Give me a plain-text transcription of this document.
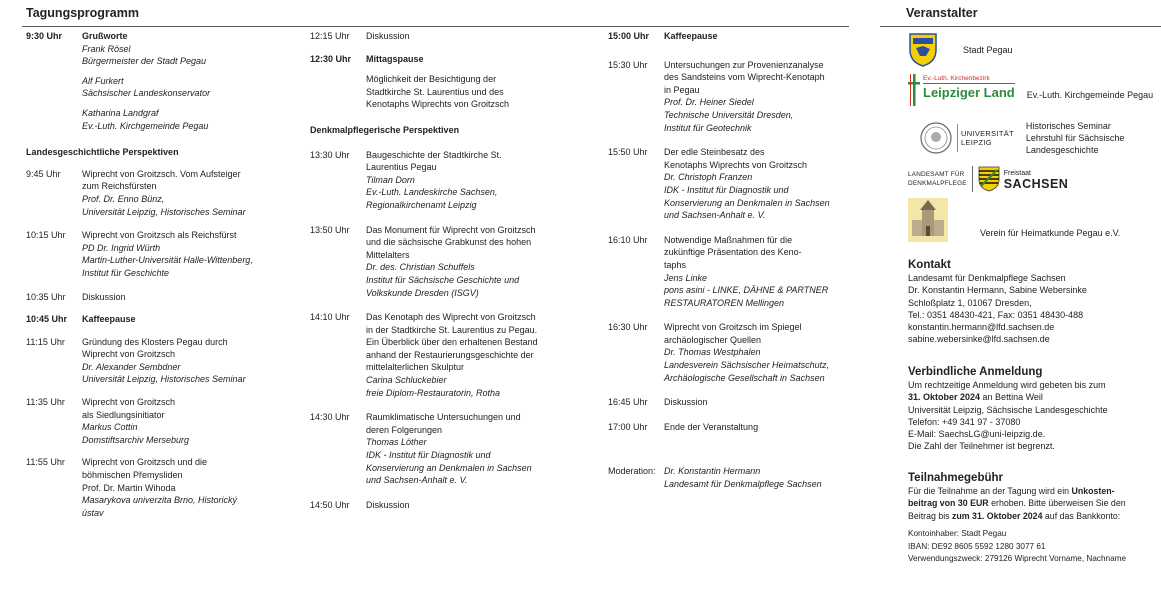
Tagungsprogramm	Veranstalter
9:30 Uhr	Grußworte
Frank Rösel
Bürgermeister der Stadt Pegau
Alf Furkert
Sächsischer Landeskonservator
Katharina Landgraf
Ev.-Luth. Kirchgemeinde Pegau
Landesgeschichtliche Perspektiven
9:45 Uhr	Wiprecht von Groitzsch. Vom Aufsteiger
zum Reichsfürsten
Prof. Dr. Enno Bünz,
Universität Leipzig, Historisches Seminar
10:15 Uhr	Wiprecht von Groitzsch als Reichsfürst
PD Dr. Ingrid Würth
Martin-Luther-Universität Halle-Wittenberg,
Institut für Geschichte
10:35 Uhr	Diskussion
10:45 Uhr	Kaffeepause
11:15 Uhr	Gründung des Klosters Pegau durch
Wiprecht von Groitzsch
Dr. Alexander Sembdner
Universität Leipzig, Historisches Seminar
11:35 Uhr	Wiprecht von Groitzsch
als Siedlungsinitiator
Markus Cottin
Domstiftsarchiv Merseburg
11:55 Uhr	Wiprecht von Groitzsch und die
böhmischen Přemysliden
Prof. Dr. Martin Wihoda
Masarykova univerzita Brno, Historický
ústav
12:15 Uhr	Diskussion
12:30 Uhr	Mittagspause
Möglichkeit der Besichtigung der
Stadtkirche St. Laurentius und des
Kenotaphs Wiprechts von Groitzsch
Denkmalpflegerische Perspektiven
13:30 Uhr	Baugeschichte der Stadtkirche St.
Laurentius Pegau
Tilman Dorn
Ev.-Luth. Landeskirche Sachsen,
Regionalkirchenamt Leipzig
13:50 Uhr	Das Monument für Wiprecht von Groitzsch
und die sächsische Grabkunst des hohen
Mittelalters
Dr. des. Christian Schuffels
Institut für Sächsische Geschichte und
Volkskunde Dresden (ISGV)
14:10 Uhr	Das Kenotaph des Wiprecht von Groitzsch
in der Stadtkirche St. Laurentius zu Pegau.
Ein Überblick über den erhaltenen Bestand
anhand der Restaurierungsgeschichte der
mittelalterlichen Skulptur
Carina Schluckebier
freie Diplom-Restauratorin, Rotha
14:30 Uhr	Raumklimatische Untersuchungen und
deren Folgerungen
Thomas Löther
IDK - Institut für Diagnostik und
Konservierung an Denkmalen in Sachsen
und Sachsen-Anhalt e. V.
14:50 Uhr	Diskussion
15:00 Uhr	Kaffeepause
15:30 Uhr	Untersuchungen zur Provenienzanalyse
des Sandsteins vom Wiprecht-Kenotaph
in Pegau
Prof. Dr. Heiner Siedel
Technische Universität Dresden,
Institut für Geotechnik
15:50 Uhr	Der edle Steinbesatz des
Kenotaphs Wiprechts von Groitzsch
Dr. Christoph Franzen
IDK - Institut für Diagnostik und
Konservierung an Denkmalen in Sachsen
und Sachsen-Anhalt e. V.
16:10 Uhr	Notwendige Maßnahmen für die
zukünftige Präsentation des Keno-
taphs
Jens Linke
pons asini - LINKE, DÄHNE & PARTNER
RESTAURATOREN Mellingen
16:30 Uhr	Wiprecht von Groitzsch im Spiegel
archäologischer Quellen
Dr. Thomas Westphalen
Landesverein Sächsischer Heimatschutz,
Archäologische Gesellschaft in Sachsen
16:45 Uhr	Diskussion
17:00 Uhr	Ende der Veranstaltung
Moderation: Dr. Konstantin Hermann
Landesamt für Denkmalpflege Sachsen
Stadt Pegau
Ev.-Luth. Kirchenbezirk
Leipziger Land Ev.-Luth. Kirchgemeinde Pegau
UNIVERSITÄT
LEIPZIG
Historisches Seminar
Lehrstuhl für Sächsische
Landesgeschichte
LANDESAMT FÜR
DENKMALPFLEGE
Freistaat
SACHSEN
Verein für Heimatkunde Pegau e.V.
Kontakt
Landesamt für Denkmalpflege Sachsen
Dr. Konstantin Hermann, Sabine Webersinke
Schloßplatz 1, 01067 Dresden,
Tel.: 0351 48430-421, Fax: 0351 48430-488
konstantin.hermann@lfd.sachsen.de
sabine.webersinke@lfd.sachsen.de
Verbindliche Anmeldung
Um rechtzeitige Anmeldung wird gebeten bis zum
31. Oktober 2024 an Bettina Weil
Universität Leipzig, Sächsische Landesgeschichte
Telefon: +49 341 97 - 37080
E-Mail: SaechsLG@uni-leipzig.de.
Die Zahl der Teilnehmer ist begrenzt.
Teilnahmegebühr
Für die Teilnahme an der Tagung wird ein Unkosten-
beitrag von 30 EUR erhoben. Bitte überweisen Sie den
Beitrag bis zum 31. Oktober 2024 auf das Bankkonto:
Kontoinhaber: Stadt Pegau
IBAN: DE92 8605 5592 1280 3077 61
Verwendungszweck: 279126 Wiprecht Vorname, Nachname
